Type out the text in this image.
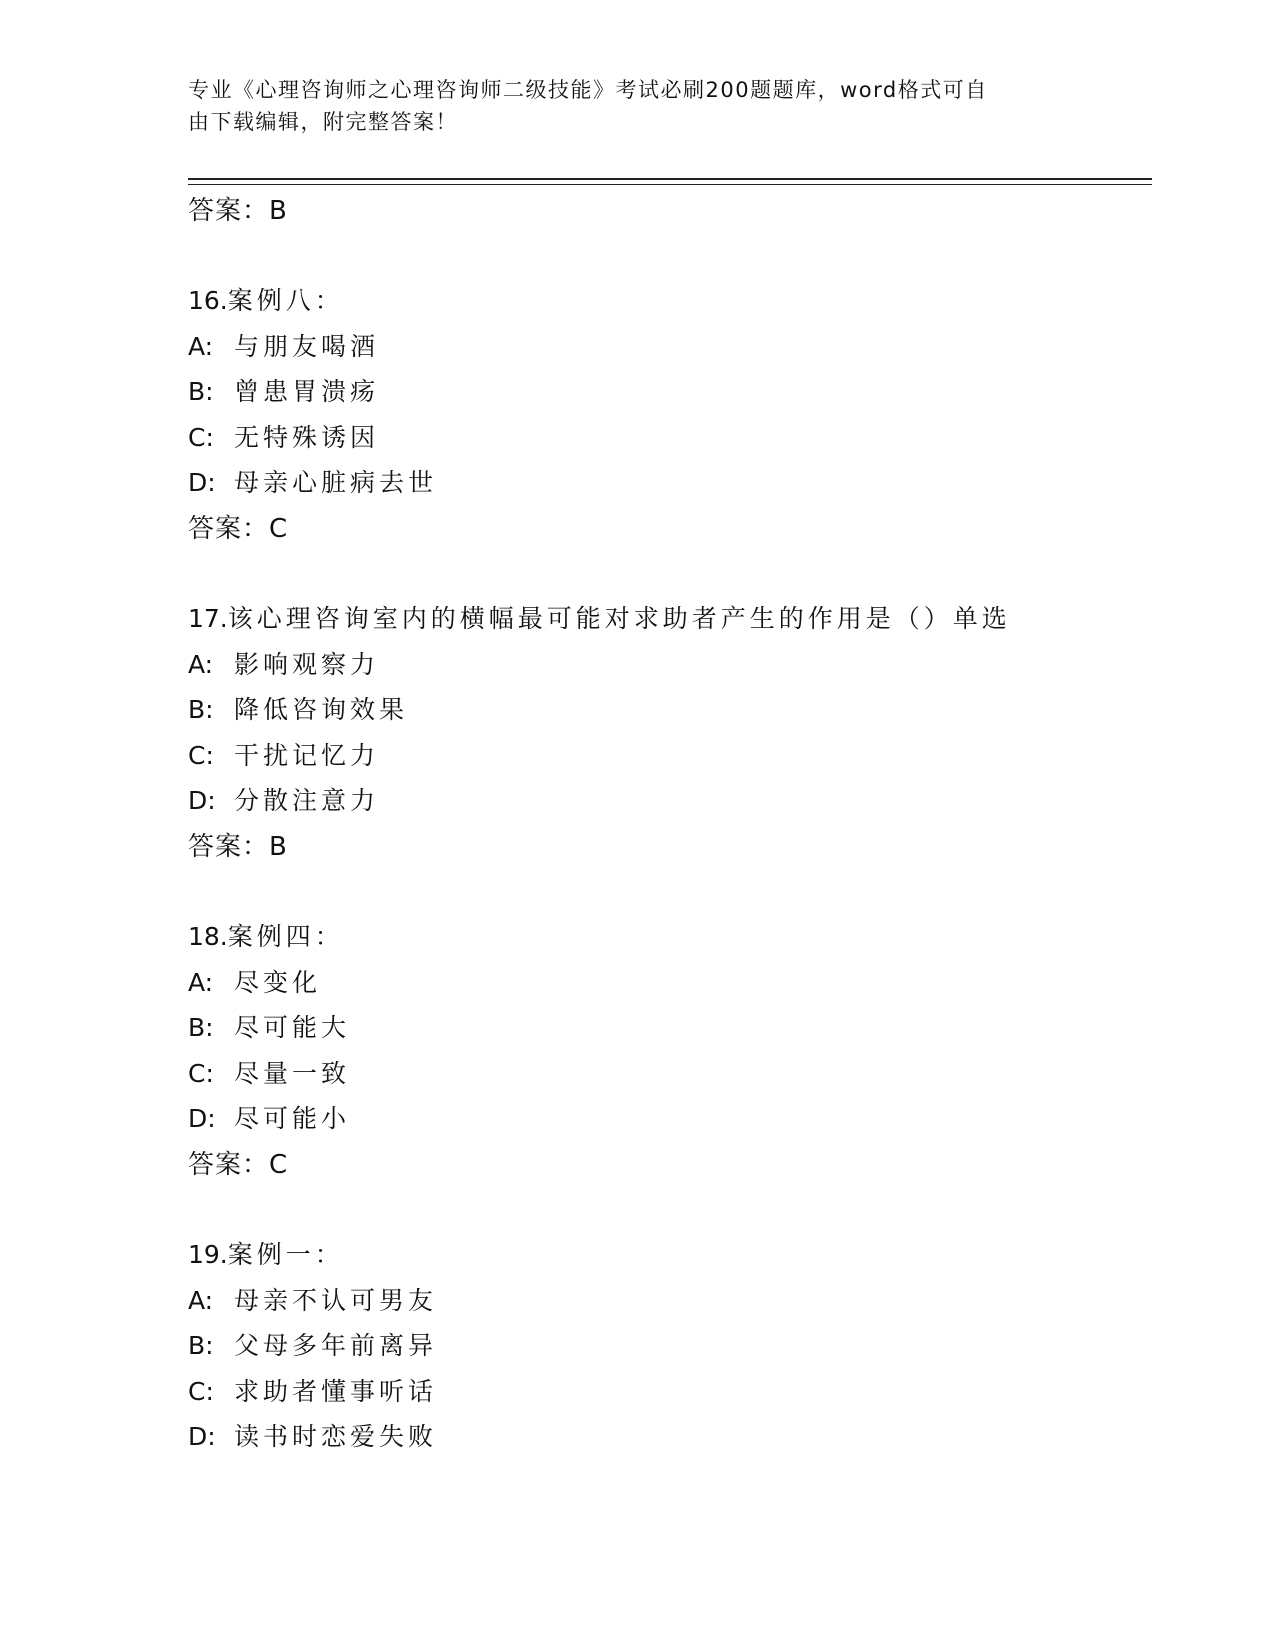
专业《心理咨询师之心理咨询师二级技能》考试必刷200题题库，word格式可自
由下载编辑，附完整答案！
答案：B
16.案例八：
A: 与朋友喝酒
B: 曾患胃溃疡
C: 无特殊诱因
D: 母亲心脏病去世
答案：C
17.该心理咨询室内的横幅最可能对求助者产生的作用是（）单选
A: 影响观察力
B: 降低咨询效果
C: 干扰记忆力
D: 分散注意力
答案：B
18.案例四：
A: 尽变化
B: 尽可能大
C: 尽量一致
D: 尽可能小
答案：C
19.案例一：
A: 母亲不认可男友
B: 父母多年前离异
C: 求助者懂事听话
D: 读书时恋爱失败
